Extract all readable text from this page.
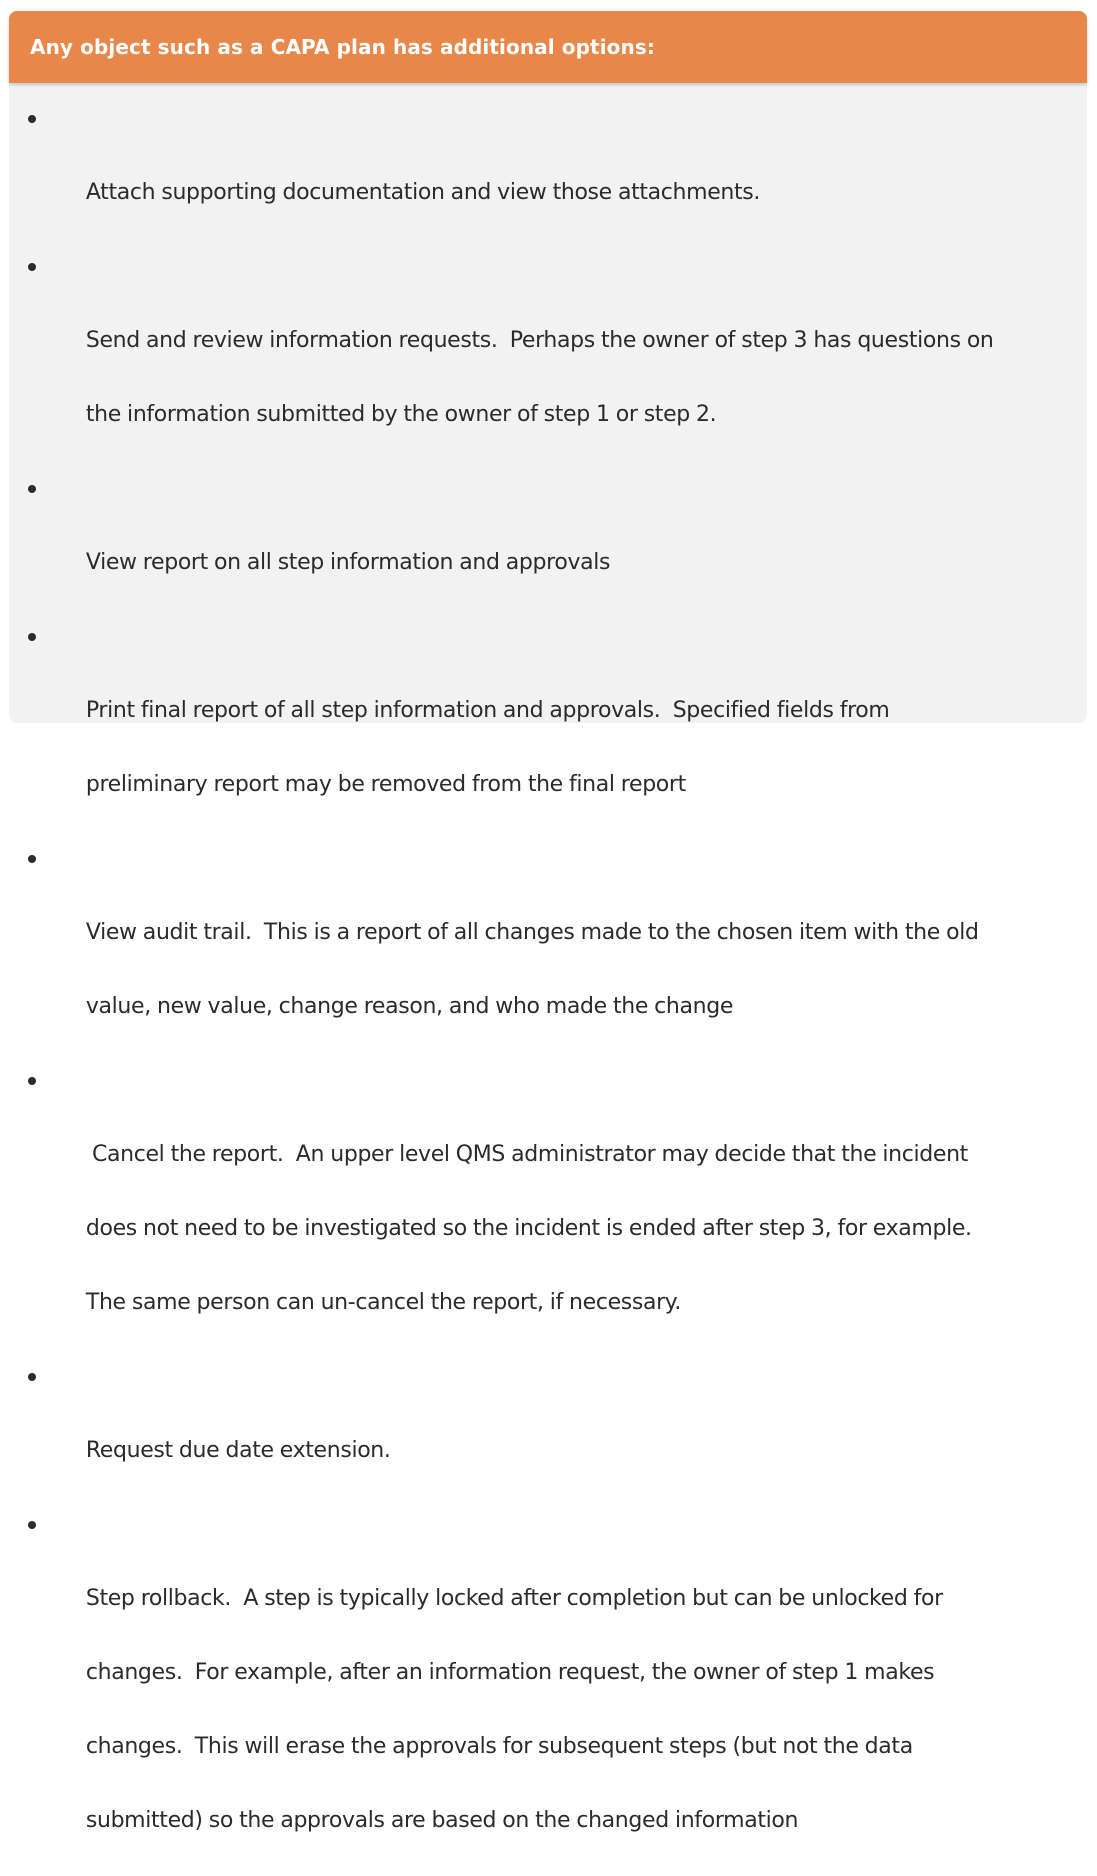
Any object such as a CAPA plan has additional options:

Attach supporting documentation and view those attachments.

Send and review information requests.  Perhaps the owner of step 3 has questions on

the information submitted by the owner of step 1 or step 2.

View report on all step information and approvals

Print final report of all step information and approvals.  Specified fields from

preliminary report may be removed from the final report

View audit trail.  This is a report of all changes made to the chosen item with the old

value, new value, change reason, and who made the change

Cancel the report.  An upper level QMS administrator may decide that the incident

does not need to be investigated so the incident is ended after step 3, for example.

The same person can un-cancel the report, if necessary.

Request due date extension.

Step rollback.  A step is typically locked after completion but can be unlocked for

changes.  For example, after an information request, the owner of step 1 makes

changes.  This will erase the approvals for subsequent steps (but not the data

submitted) so the approvals are based on the changed information
